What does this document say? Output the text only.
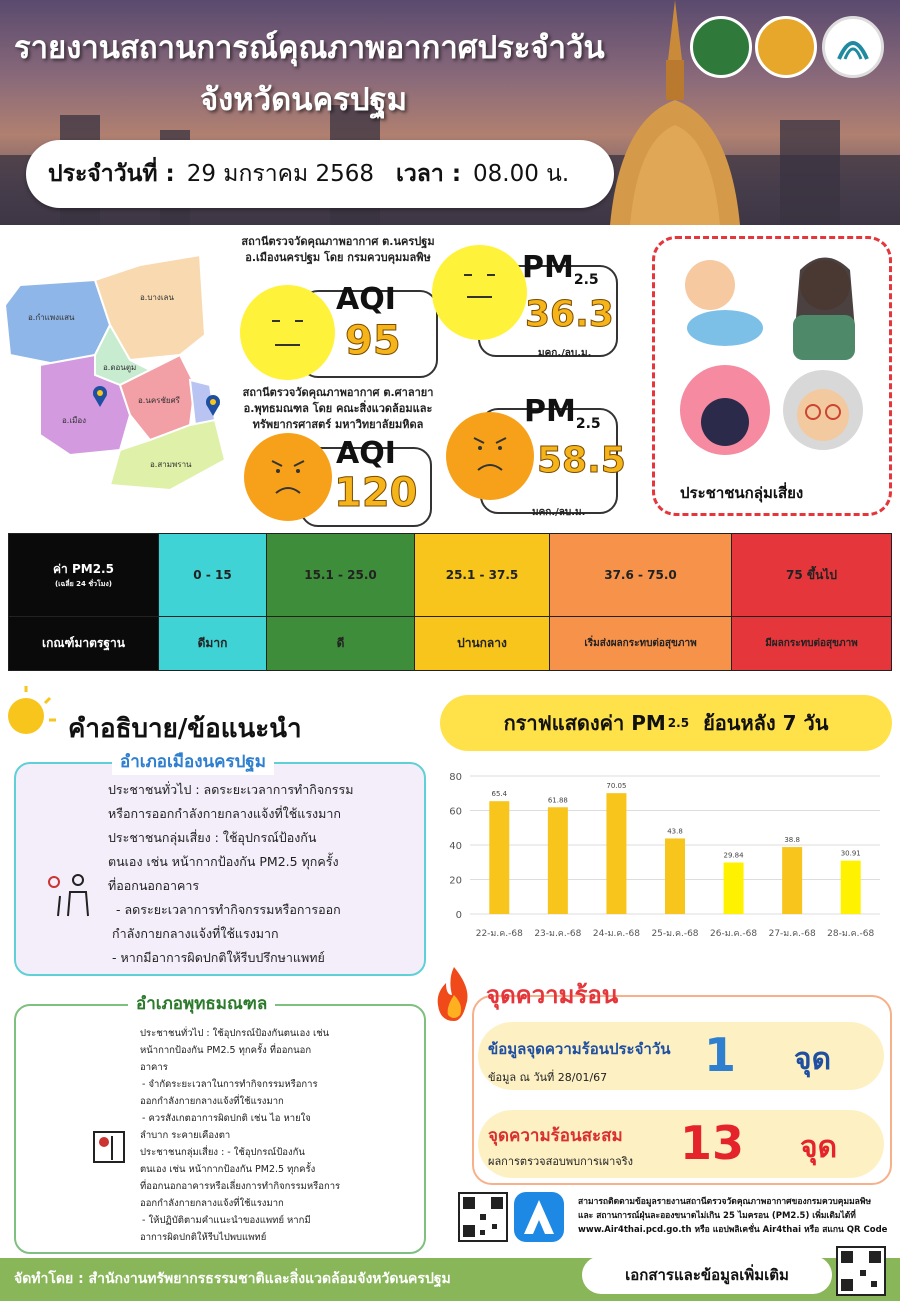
รายงานสถานการณ์คุณภาพอากาศประจำวัน
จังหวัดนครปฐม
ประจำวันที่ : 29 มกราคม 2568 เวลา : 08.00 น.
อ.กำแพงแสน
อ.บางเลน
อ.ดอนตูม
อ.เมือง
อ.นครชัยศรี
อ.สามพราน
สถานีตรวจวัดคุณภาพอากาศ ต.นครปฐม อ.เมืองนครปฐม โดย กรมควบคุมมลพิษ
AQI
95
$PM_{2.5}$
36.3
มคก./ลบ.ม.
สถานีตรวจวัดคุณภาพอากาศ ต.ศาลายา อ.พุทธมณฑล โดย คณะสิ่งแวดล้อมและทรัพยากรศาสตร์ มหาวิทยาลัยมหิดล
AQI
120
$PM_{2.5}$
58.5
มคก./ลบ.ม.
ประชาชนกลุ่มเสี่ยง
ค่า PM2.5
(เฉลี่ย 24 ชั่วโมง)	0 - 15	15.1 - 25.0	25.1 - 37.5	37.6 - 75.0	75 ขึ้นไป
เกณฑ์มาตรฐาน	ดีมาก	ดี	ปานกลาง	เริ่มส่งผลกระทบต่อสุขภาพ	มีผลกระทบต่อสุขภาพ
คำอธิบาย/ข้อแนะนำ
อำเภอเมืองนครปฐม
ประชาชนทั่วไป : ลดระยะเวลาการทำกิจกรรม
หรือการออกกำลังกายกลางแจ้งที่ใช้แรงมาก
ประชาชนกลุ่มเสี่ยง : ใช้อุปกรณ์ป้องกัน
ตนเอง เช่น หน้ากากป้องกัน PM2.5 ทุกครั้ง
ที่ออกนอกอาคาร
- ลดระยะเวลาการทำกิจกรรมหรือการออก
กำลังกายกลางแจ้งที่ใช้แรงมาก
- หากมีอาการผิดปกติให้รีบปรึกษาแพทย์
อำเภอพุทธมณฑล
ประชาชนทั่วไป : ใช้อุปกรณ์ป้องกันตนเอง เช่น
หน้ากากป้องกัน PM2.5 ทุกครั้ง ที่ออกนอก
อาคาร
- จำกัดระยะเวลาในการทำกิจกรรมหรือการ
ออกกำลังกายกลางแจ้งที่ใช้แรงมาก
- ควรสังเกตอาการผิดปกติ เช่น ไอ หายใจ
ลำบาก ระคายเคืองตา
ประชาชนกลุ่มเสี่ยง : - ใช้อุปกรณ์ป้องกัน
ตนเอง เช่น หน้ากากป้องกัน PM2.5 ทุกครั้ง
ที่ออกนอกอาคารหรือเลี่ยงการทำกิจกรรมหรือการ
ออกกำลังกายกลางแจ้งที่ใช้แรงมาก
- ให้ปฏิบัติตามคำแนะนำของแพทย์ หากมี
อาการผิดปกติให้รีบไปพบแพทย์
กราฟแสดงค่า PM 2.5 ย้อนหลัง 7 วัน
0
20
40
60
80
65.4
22-ม.ค.-68
61.88
23-ม.ค.-68
70.05
24-ม.ค.-68
43.8
25-ม.ค.-68
29.84
26-ม.ค.-68
38.8
27-ม.ค.-68
30.91
28-ม.ค.-68
จุดความร้อน
ข้อมูลจุดความร้อนประจำวัน
ข้อมูล ณ วันที่ 28/01/67 1 จุด
จุดความร้อนสะสม
ผลการตรวจสอบพบการเผาจริง 13 จุด
สามารถติดตามข้อมูลรายงานสถานีตรวจวัดคุณภาพอากาศของกรมควบคุมมลพิษ
และ สถานการณ์ฝุ่นละอองขนาดไม่เกิน 25 ไมครอน (PM2.5) เพิ่มเติมได้ที่
www.Air4thai.pcd.go.th หรือ แอปพลิเคชั่น Air4thai หรือ สแกน QR Code
จัดทำโดย : สำนักงานทรัพยากรธรรมชาติและสิ่งแวดล้อมจังหวัดนครปฐม	เอกสารและข้อมูลเพิ่มเติม
